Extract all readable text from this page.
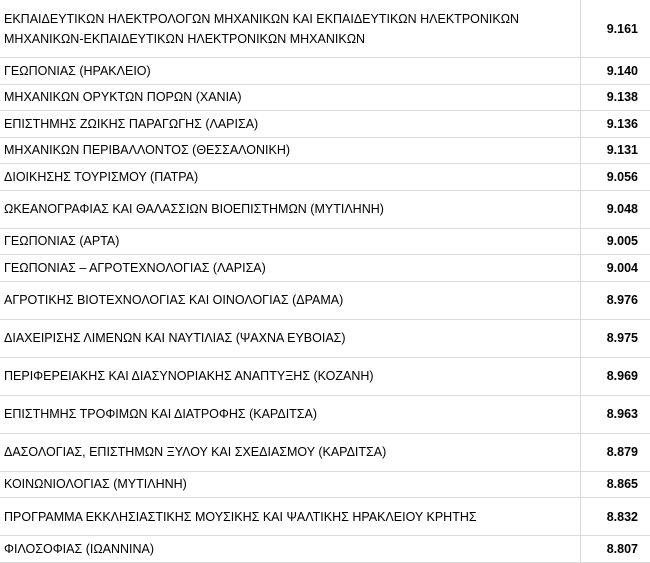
ΕΚΠΑΙΔΕΥΤΙΚΩΝ ΗΛΕΚΤΡΟΛΟΓΩΝ ΜΗΧΑΝΙΚΩΝ ΚΑΙ ΕΚΠΑΙΔΕΥΤΙΚΩΝ ΗΛΕΚΤΡΟΝΙΚΩΝ ΜΗΧΑΝΙΚΩΝ-ΕΚΠΑΙΔΕΥΤΙΚΩΝ ΗΛΕΚΤΡΟΝΙΚΩΝ ΜΗΧΑΝΙΚΩΝ	9.161
ΓΕΩΠΟΝΙΑΣ (ΗΡΑΚΛΕΙΟ)	9.140
ΜΗΧΑΝΙΚΩΝ ΟΡΥΚΤΩΝ ΠΟΡΩΝ (ΧΑΝΙΑ)	9.138
ΕΠΙΣΤΗΜΗΣ ΖΩΙΚΗΣ ΠΑΡΑΓΩΓΗΣ (ΛΑΡΙΣΑ)	9.136
ΜΗΧΑΝΙΚΩΝ ΠΕΡΙΒΑΛΛΟΝΤΟΣ (ΘΕΣΣΑΛΟΝΙΚΗ)	9.131
ΔΙΟΙΚΗΣΗΣ ΤΟΥΡΙΣΜΟΥ (ΠΑΤΡΑ)	9.056
ΩΚΕΑΝΟΓΡΑΦΙΑΣ ΚΑΙ ΘΑΛΑΣΣΙΩΝ ΒΙΟΕΠΙΣΤΗΜΩΝ (ΜΥΤΙΛΗΝΗ)	9.048
ΓΕΩΠΟΝΙΑΣ (ΑΡΤΑ)	9.005
ΓΕΩΠΟΝΙΑΣ – ΑΓΡΟΤΕΧΝΟΛΟΓΙΑΣ (ΛΑΡΙΣΑ)	9.004
ΑΓΡΟΤΙΚΗΣ ΒΙΟΤΕΧΝΟΛΟΓΙΑΣ ΚΑΙ ΟΙΝΟΛΟΓΙΑΣ (ΔΡΑΜΑ)	8.976
ΔΙΑΧΕΙΡΙΣΗΣ ΛΙΜΕΝΩΝ ΚΑΙ ΝΑΥΤΙΛΙΑΣ (ΨΑΧΝΑ ΕΥΒΟΙΑΣ)	8.975
ΠΕΡΙΦΕΡΕΙΑΚΗΣ ΚΑΙ ΔΙΑΣΥΝΟΡΙΑΚΗΣ ΑΝΑΠΤΥΞΗΣ (ΚΟΖΑΝΗ)	8.969
ΕΠΙΣΤΗΜΗΣ ΤΡΟΦΙΜΩΝ ΚΑΙ ΔΙΑΤΡΟΦΗΣ (ΚΑΡΔΙΤΣΑ)	8.963
ΔΑΣΟΛΟΓΙΑΣ, ΕΠΙΣΤΗΜΩΝ ΞΥΛΟΥ ΚΑΙ ΣΧΕΔΙΑΣΜΟΥ (ΚΑΡΔΙΤΣΑ)	8.879
ΚΟΙΝΩΝΙΟΛΟΓΙΑΣ (ΜΥΤΙΛΗΝΗ)	8.865
ΠΡΟΓΡΑΜΜΑ ΕΚΚΛΗΣΙΑΣΤΙΚΗΣ ΜΟΥΣΙΚΗΣ ΚΑΙ ΨΑΛΤΙΚΗΣ ΗΡΑΚΛΕΙΟΥ ΚΡΗΤΗΣ	8.832
ΦΙΛΟΣΟΦΙΑΣ (ΙΩΑΝΝΙΝΑ)	8.807
